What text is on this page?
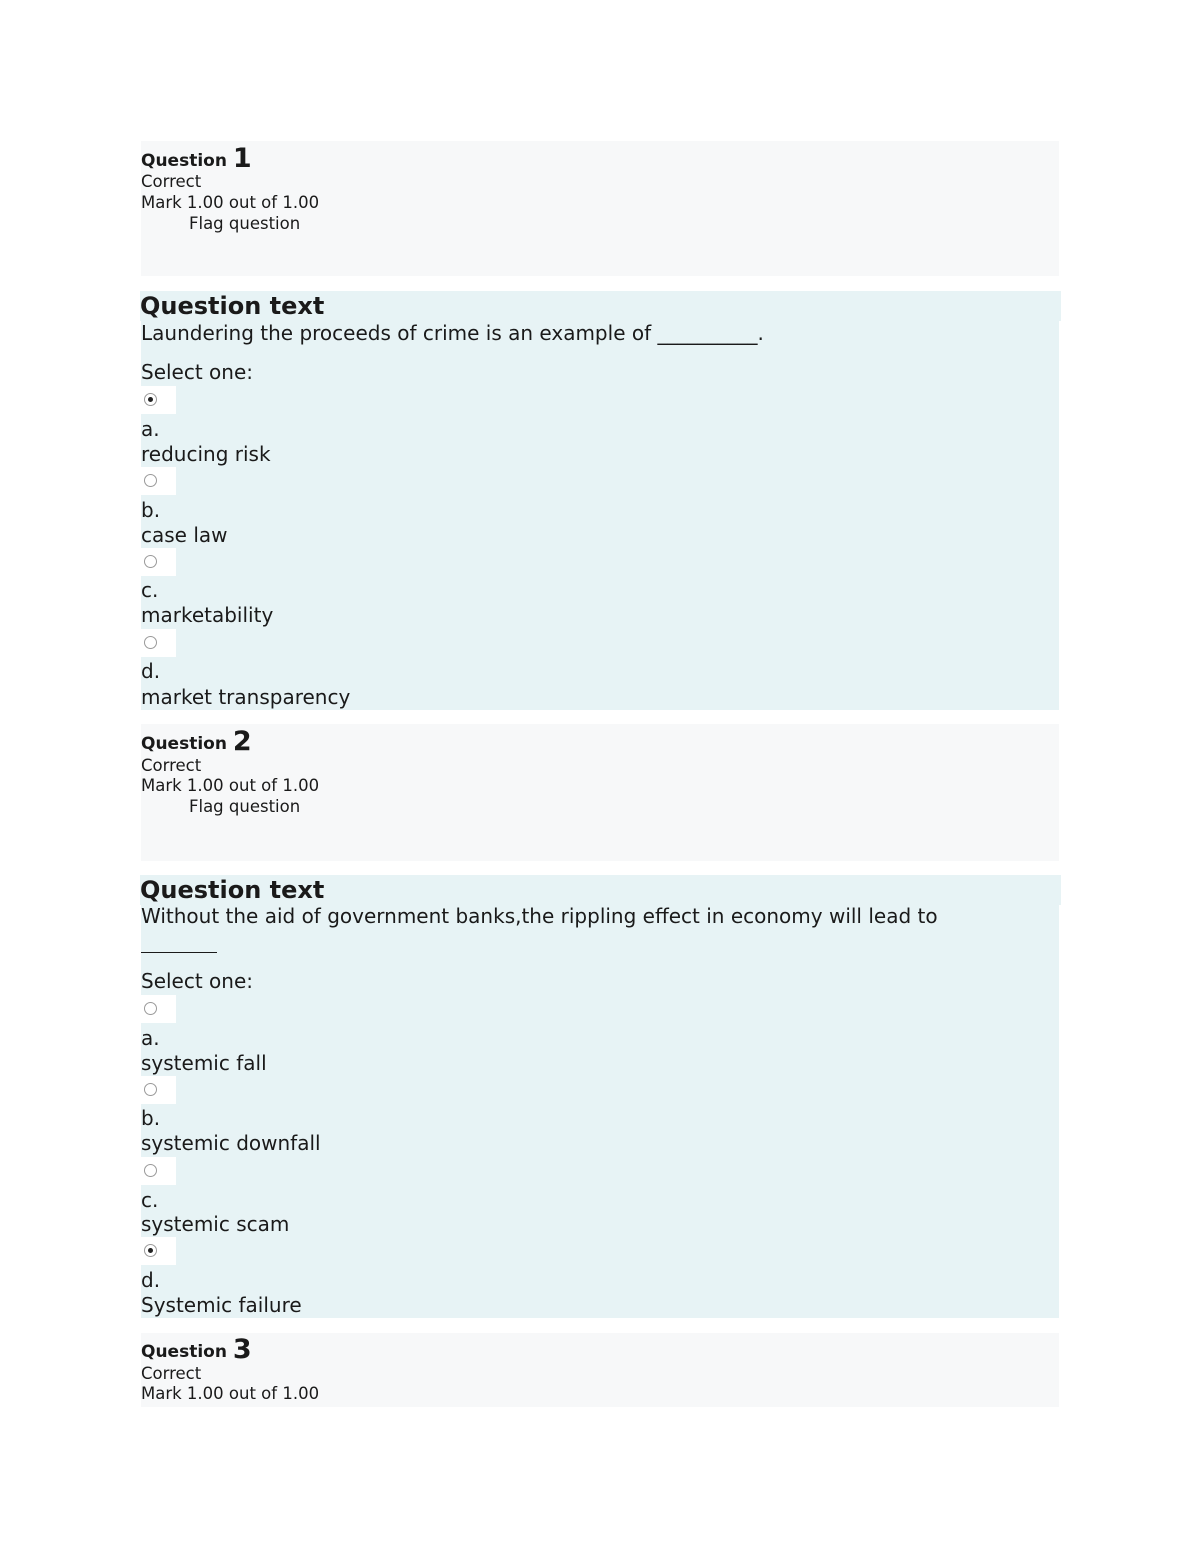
Question 1
Correct
Mark 1.00 out of 1.00
Flag question
Question text
Laundering the proceeds of crime is an example of __________.
Select one:
a.
reducing risk
b.
case law
c.
marketability
d.
market transparency
Question 2
Correct
Mark 1.00 out of 1.00
Flag question
Question text
Without the aid of government banks,the rippling effect in economy will lead to
Select one:
a.
systemic fall
b.
systemic downfall
c.
systemic scam
d.
Systemic failure
Question 3
Correct
Mark 1.00 out of 1.00
